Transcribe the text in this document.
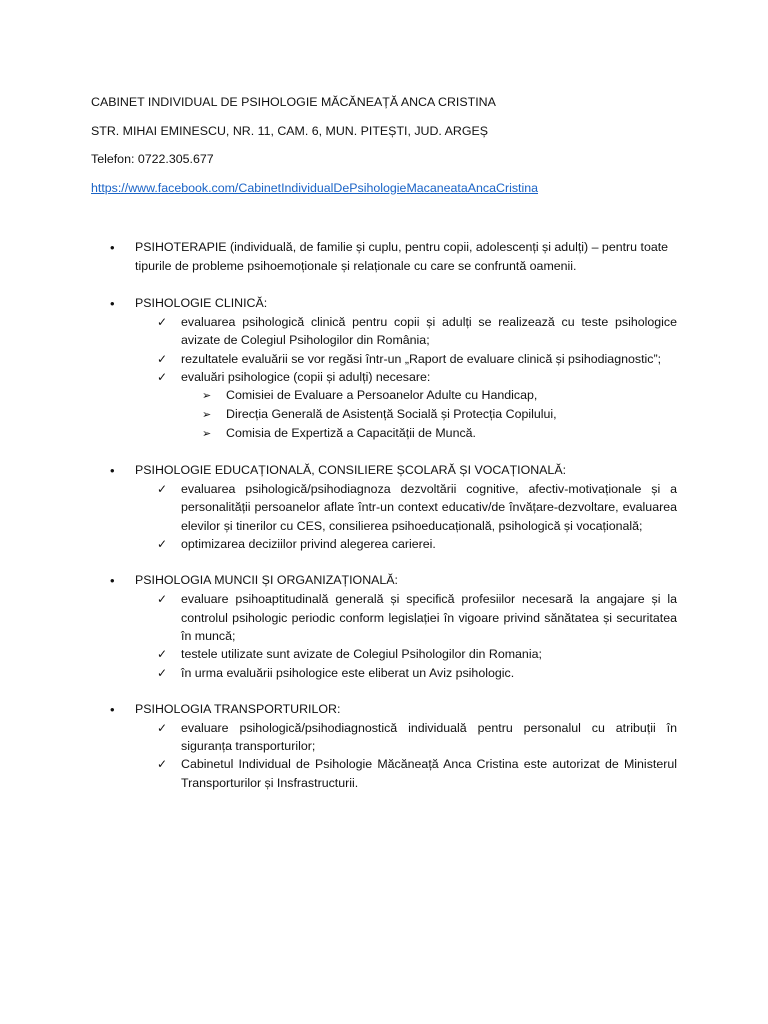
CABINET INDIVIDUAL DE PSIHOLOGIE MĂCĂNEAȚĂ ANCA CRISTINA
STR. MIHAI EMINESCU, NR. 11, CAM. 6, MUN. PITEȘTI, JUD. ARGEȘ
Telefon: 0722.305.677
https://www.facebook.com/CabinetIndividualDePsihologieMacaneataAncaCristina
• PSIHOTERAPIE (individuală, de familie și cuplu, pentru copii, adolescenți și adulți) – pentru toate tipurile de probleme psihoemoționale și relaționale cu care se confruntă oamenii.
• PSIHOLOGIE CLINICĂ:
✓ evaluarea psihologică clinică pentru copii și adulți se realizează cu teste psihologice avizate de Colegiul Psihologilor din România;
✓ rezultatele evaluării se vor regăsi într-un „Raport de evaluare clinică și psihodiagnostic”;
✓ evaluări psihologice (copii și adulți) necesare:
➢ Comisiei de Evaluare a Persoanelor Adulte cu Handicap,
➢ Direcția Generală de Asistență Socială și Protecția Copilului,
➢ Comisia de Expertiză a Capacității de Muncă.
• PSIHOLOGIE EDUCAȚIONALĂ, CONSILIERE ȘCOLARĂ ȘI VOCAȚIONALĂ:
✓ evaluarea psihologică/psihodiagnoza dezvoltării cognitive, afectiv-motivaționale și a personalității persoanelor aflate într-un context educativ/de învățare-dezvoltare, evaluarea elevilor și tinerilor cu CES, consilierea psihoeducațională, psihologică și vocațională;
✓ optimizarea deciziilor privind alegerea carierei.
• PSIHOLOGIA MUNCII ȘI ORGANIZAȚIONALĂ:
✓ evaluare psihoaptitudinală generală și specifică profesiilor necesară la angajare și la controlul psihologic periodic conform legislației în vigoare privind sănătatea și securitatea în muncă;
✓ testele utilizate sunt avizate de Colegiul Psihologilor din Romania;
✓ în urma evaluării psihologice este eliberat un Aviz psihologic.
• PSIHOLOGIA TRANSPORTURILOR:
✓ evaluare psihologică/psihodiagnostică individuală pentru personalul cu atribuții în siguranța transporturilor;
✓ Cabinetul Individual de Psihologie Măcăneață Anca Cristina este autorizat de Ministerul Transporturilor și Insfrastructurii.
